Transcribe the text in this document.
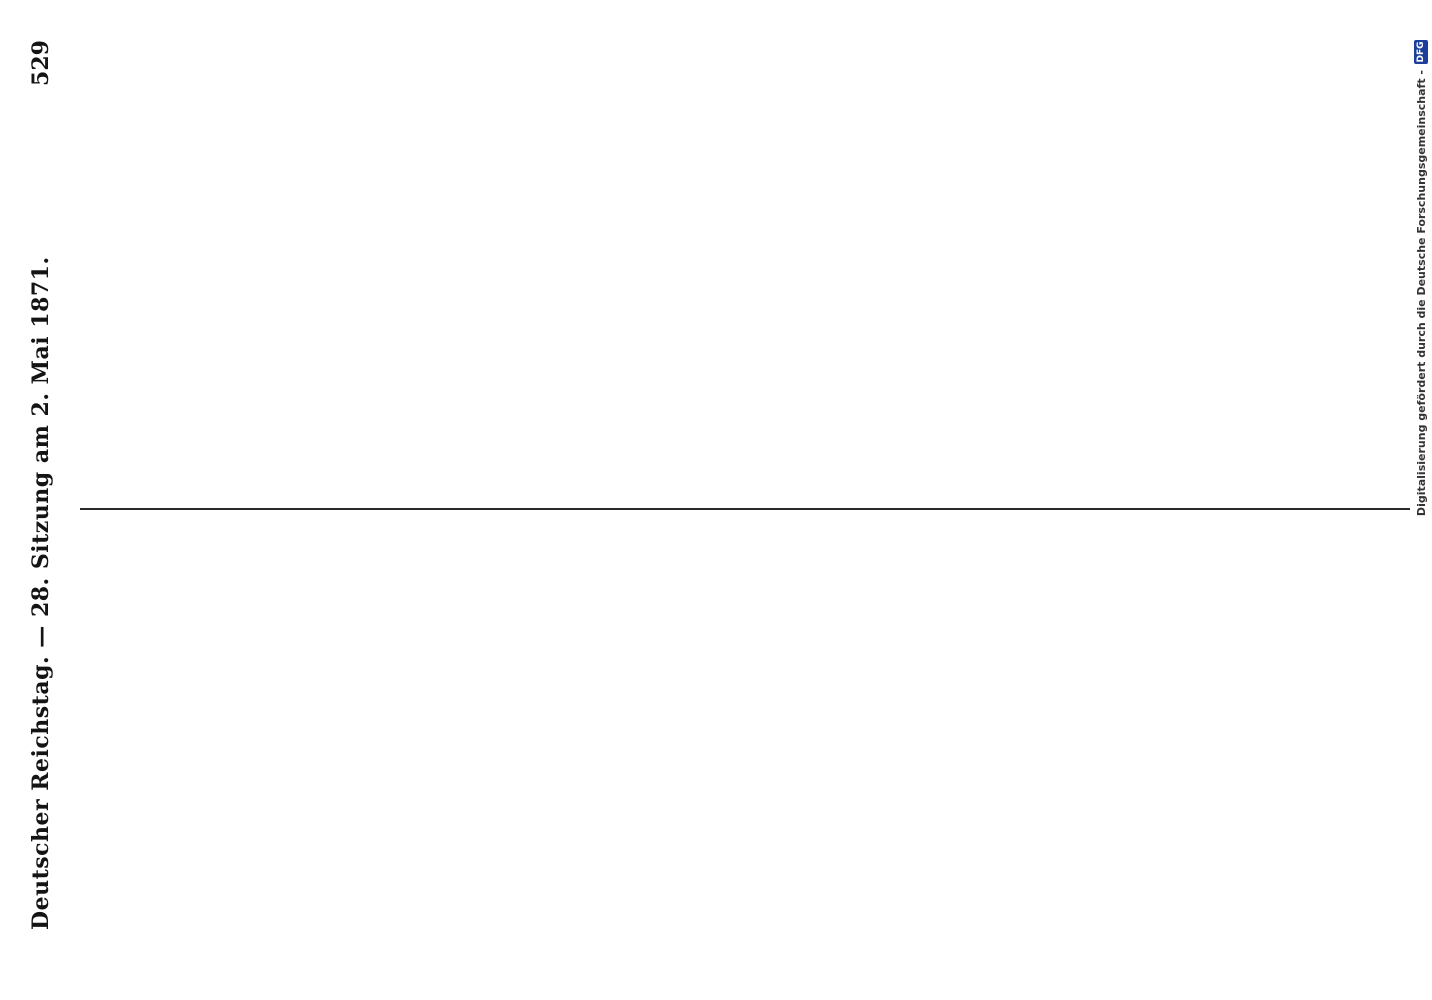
Deutscher Reichstag. — 28. Sitzung am 2. Mai 1871.
529
Digitalisierung gefördert durch die Deutsche Forschungsgemeinschaft -
DFG
